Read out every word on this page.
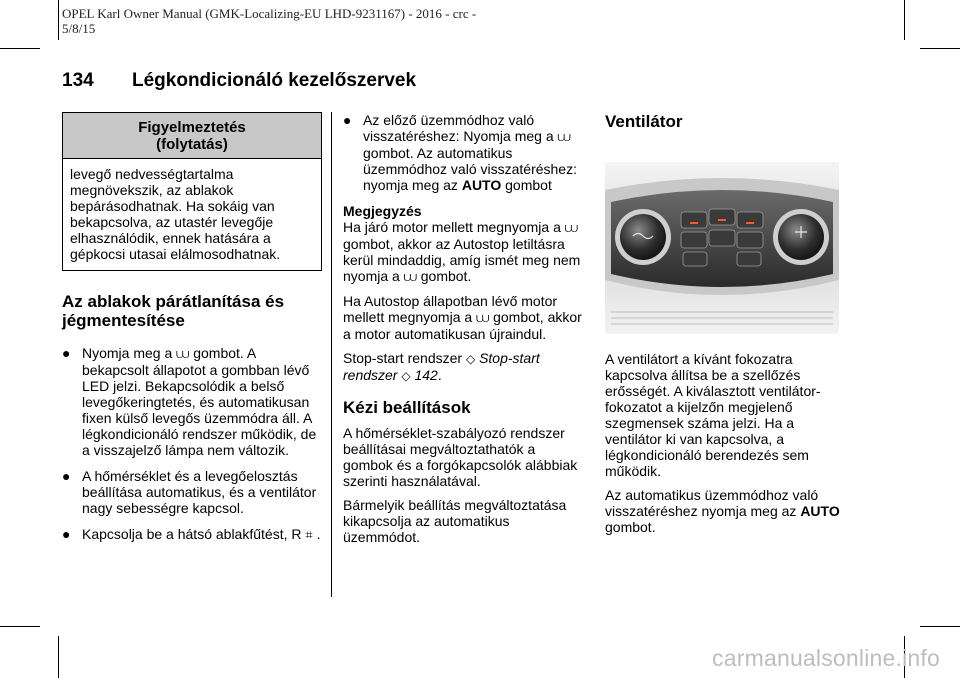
OPEL Karl Owner Manual (GMK-Localizing-EU LHD-9231167) - 2016 - crc -
5/8/15
134 Légkondicionáló kezelőszervek
Figyelmeztetés
(folytatás)
levegő nedvességtartalma megnövekszik, az ablakok bepárásodhatnak. Ha sokáig van bekapcsolva, az utastér levegője elhasználódik, ennek hatására a gépkocsi utasai elálmosodhatnak.
Az ablakok párátlanítása és jégmentesítése
● Nyomja meg a ⩊ gombot. A bekapcsolt állapotot a gombban lévő LED jelzi. Bekapcsolódik a belső levegőkeringtetés, és automatikusan fixen külső levegős üzemmódra áll. A légkondicionáló rendszer működik, de a visszajelző lámpa nem változik.
● A hőmérséklet és a levegőelosztás beállítása automatikus, és a ventilátor nagy sebességre kapcsol.
● Kapcsolja be a hátsó ablakfűtést, R ⌗ .
● Az előző üzemmódhoz való visszatéréshez: Nyomja meg a ⩊ gombot. Az automatikus üzemmódhoz való visszatéréshez: nyomja meg az AUTO gombot
Megjegyzés

Ha járó motor mellett megnyomja a ⩊ gombot, akkor az Autostop letiltásra kerül mindaddig, amíg ismét meg nem nyomja a ⩊ gombot.

Ha Autostop állapotban lévő motor mellett megnyomja a ⩊ gombot, akkor a motor automatikusan újraindul.

Stop-start rendszer ◇ Stop-start rendszer ◇ 142.

Kézi beállítások

A hőmérséklet-szabályozó rendszer beállításai megváltoztathatók a gombok és a forgókapcsolók alábbiak szerinti használatával.

Bármelyik beállítás megváltoztatása kikapcsolja az automatikus üzemmódot.

Ventilátor

A ventilátort a kívánt fokozatra kapcsolva állítsa be a szellőzés erősségét. A kiválasztott ventilátor-fokozatot a kijelzőn megjelenő szegmensek száma jelzi. Ha a ventilátor ki van kapcsolva, a légkondicionáló berendezés sem működik.

Az automatikus üzemmódhoz való visszatéréshez nyomja meg az AUTO gombot.

carmanualsonline.info
